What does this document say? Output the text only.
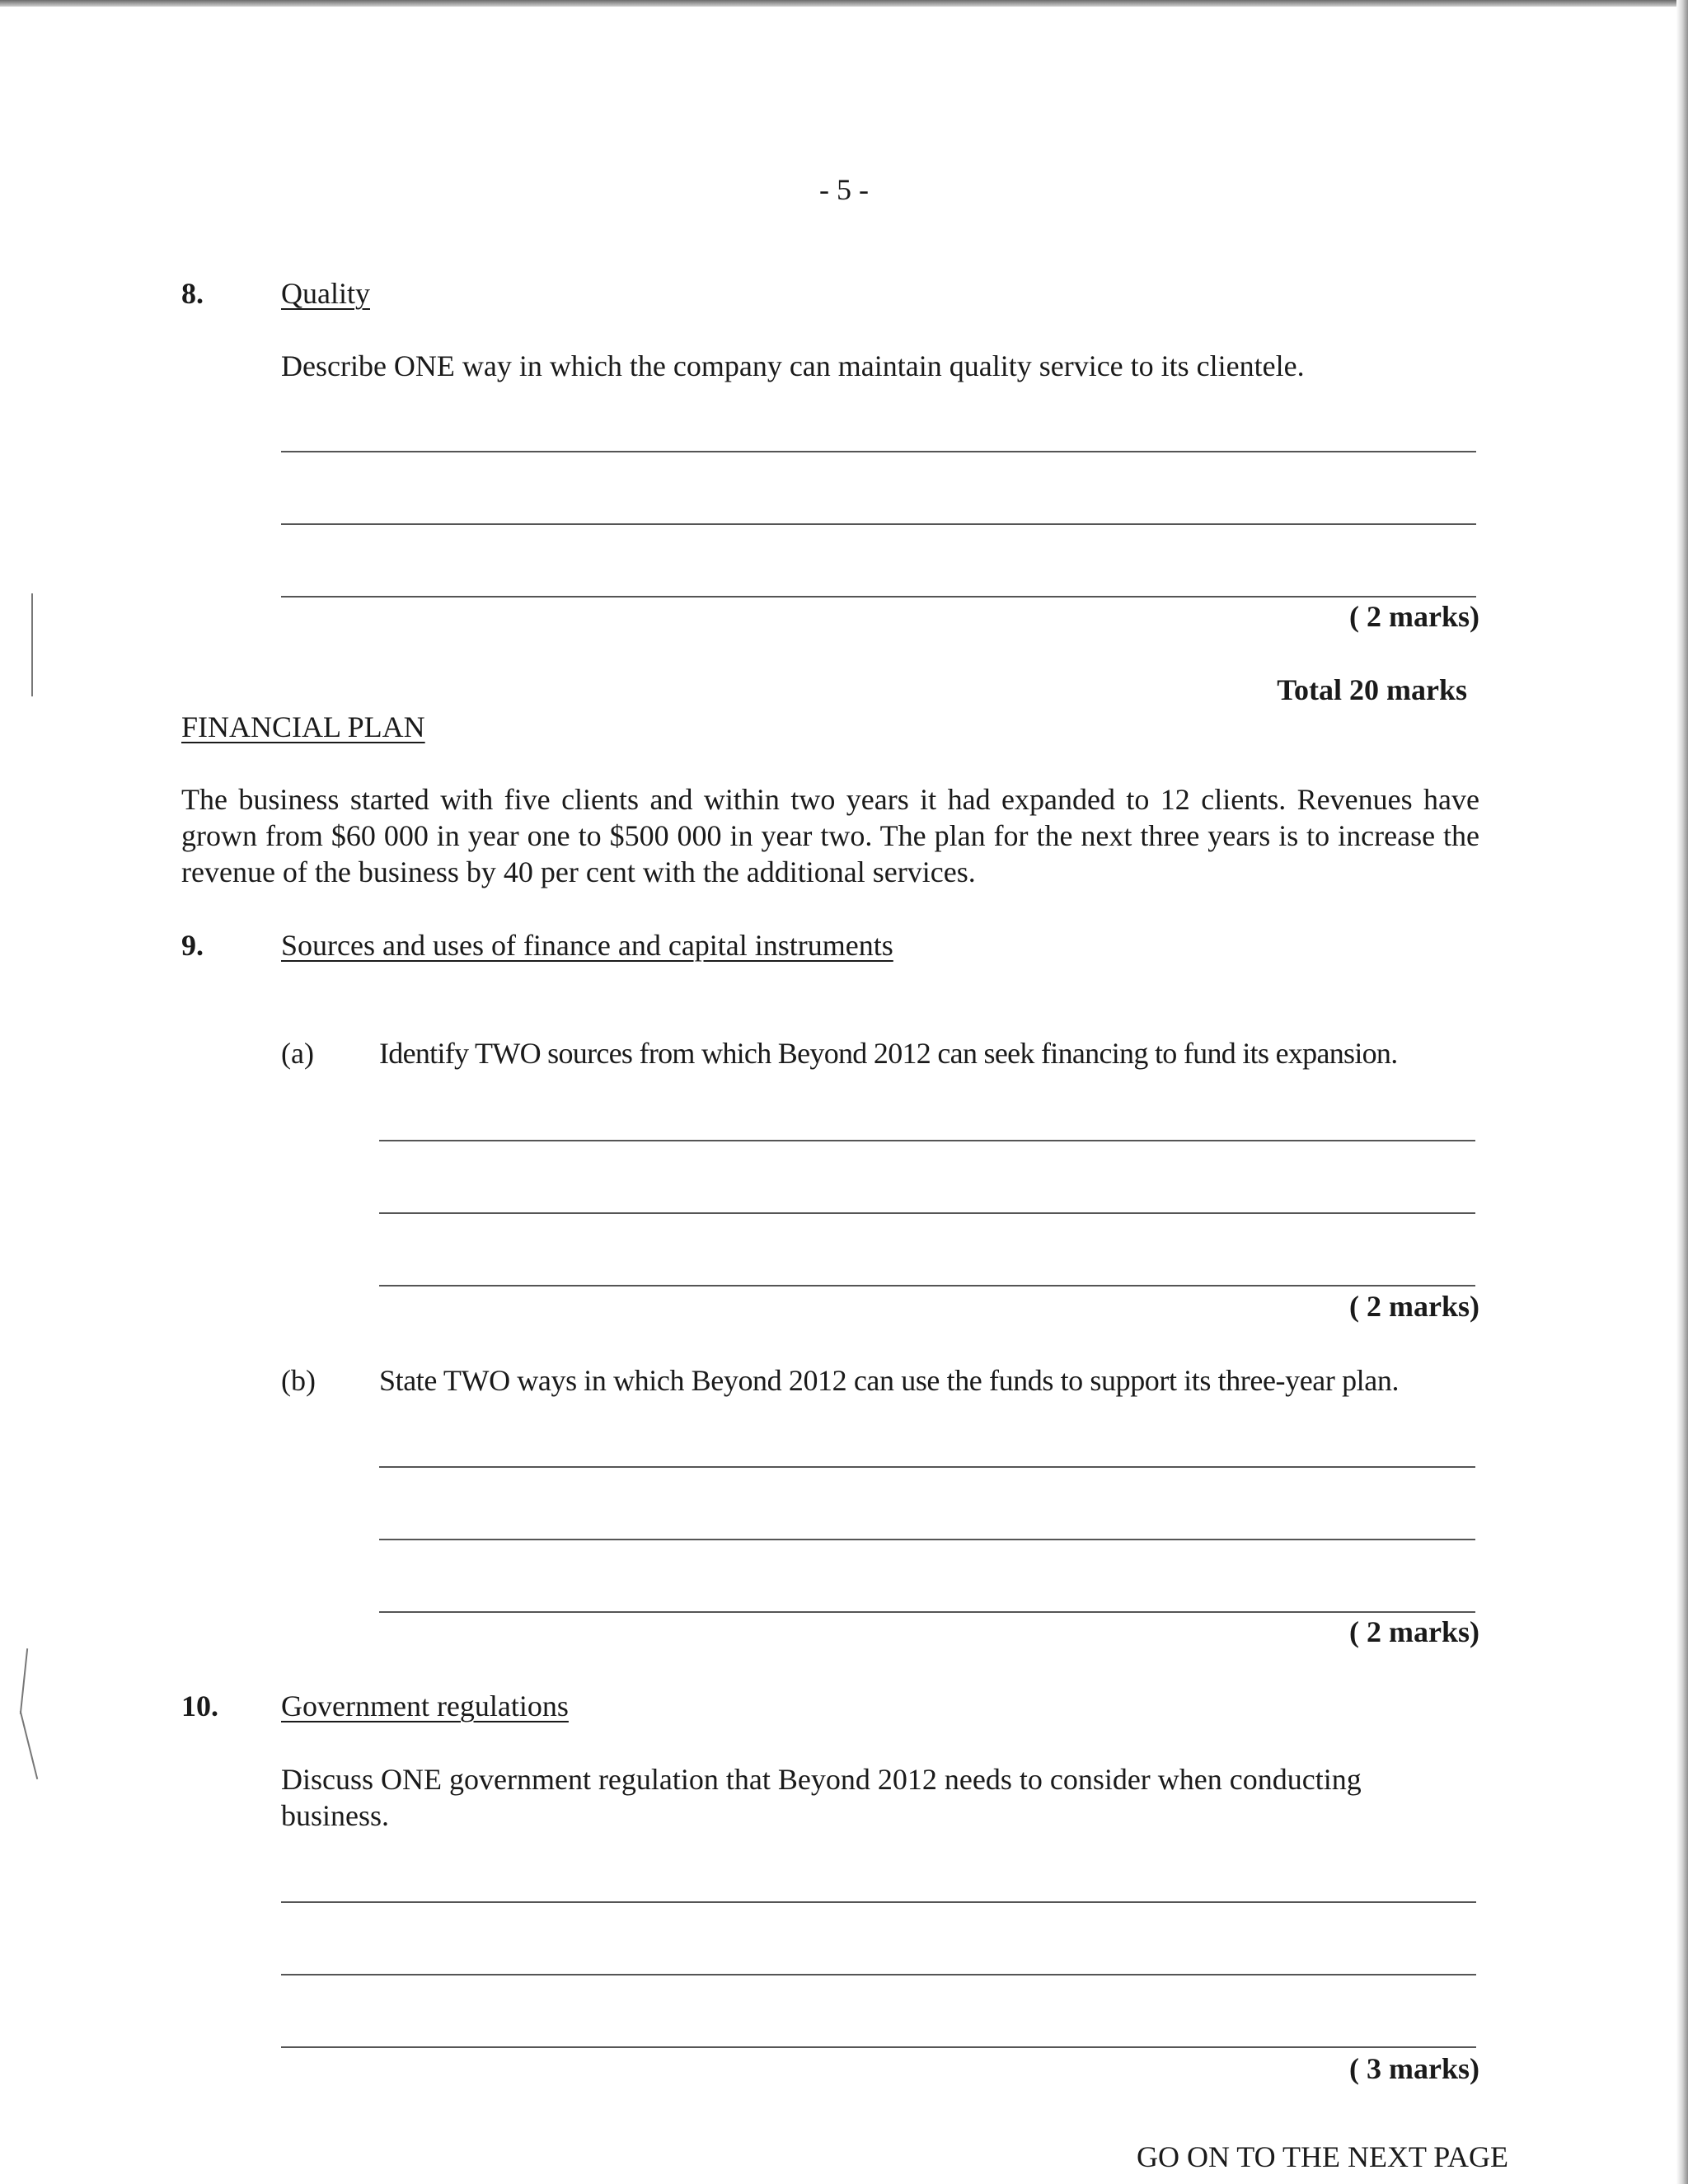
- 5 -
8.	Quality
Describe ONE way in which the company can maintain quality service to its clientele.
( 2 marks)
Total 20 marks
FINANCIAL PLAN
The business started with five clients and within two years it had expanded to 12 clients. Revenues have grown from $60 000 in year one to $500 000 in year two. The plan for the next three years is to increase the revenue of the business by 40 per cent with the additional services.
9.	Sources and uses of finance and capital instruments
(a) Identify TWO sources from which Beyond 2012 can seek financing to fund its expansion.
( 2 marks)
(b) State TWO ways in which Beyond 2012 can use the funds to support its three-year plan.
( 2 marks)
10. Government regulations
Discuss ONE government regulation that Beyond 2012 needs to consider when conducting business.
( 3 marks)
GO ON TO THE NEXT PAGE
